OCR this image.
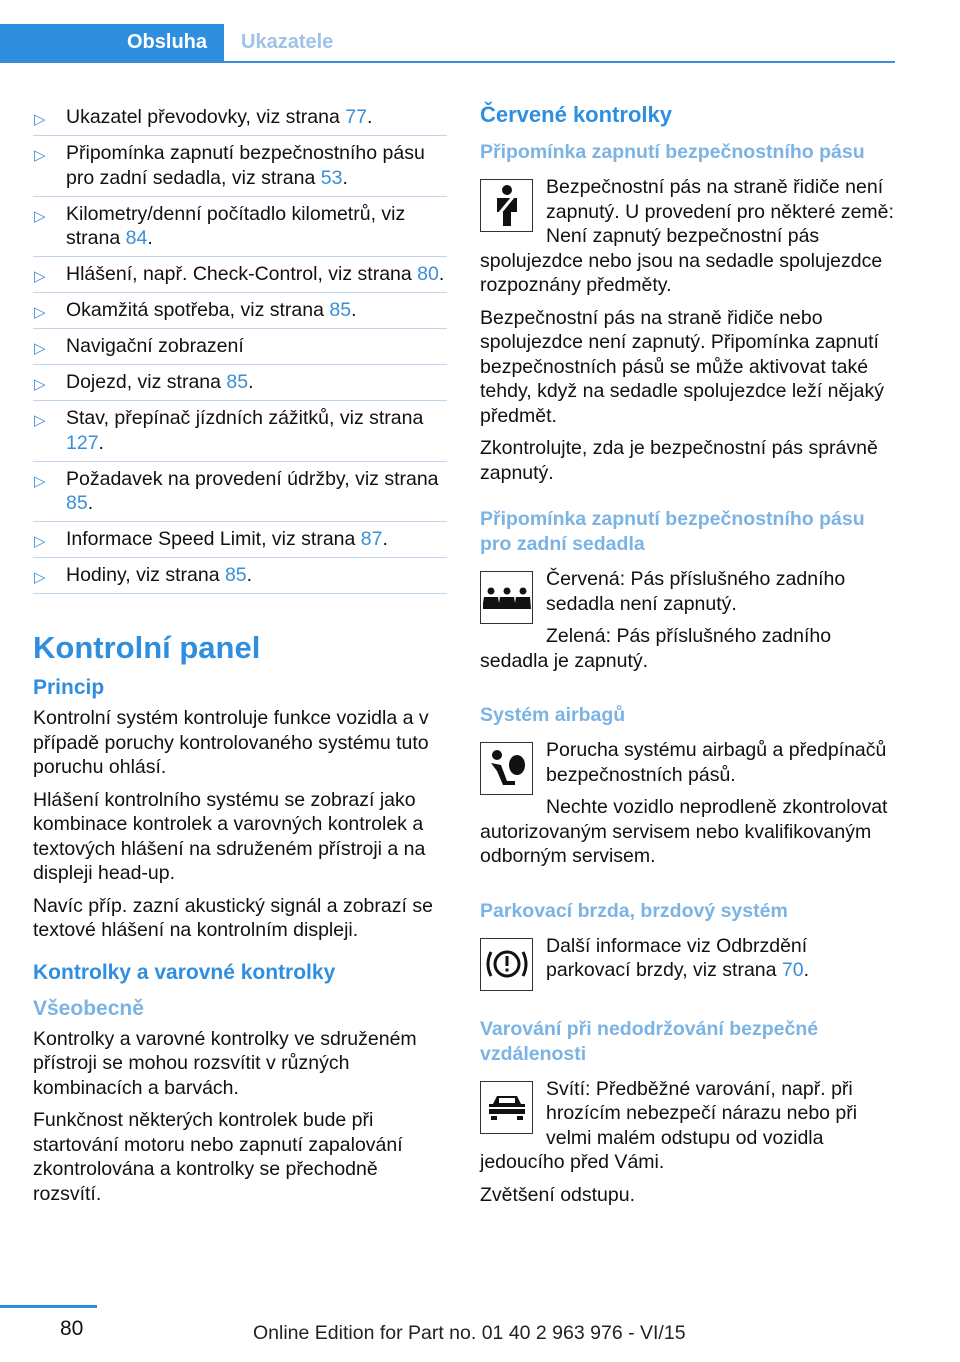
Obsluha	Ukazatele
▷ Ukazatel převodovky, viz strana 77.
▷ Připomínka zapnutí bezpečnostního pásu pro zadní sedadla, viz strana 53.
▷ Kilometry/denní počítadlo kilometrů, viz strana 84.
▷ Hlášení, např. Check-Control, viz strana 80.
▷ Okamžitá spotřeba, viz strana 85.
▷ Navigační zobrazení
▷ Dojezd, viz strana 85.
▷ Stav, přepínač jízdních zážitků, viz strana 127.
▷ Požadavek na provedení údržby, viz strana 85.
▷ Informace Speed Limit, viz strana 87.
▷ Hodiny, viz strana 85.
Kontrolní panel
Princip

Kontrolní systém kontroluje funkce vozidla a v případě poruchy kontrolovaného systému tuto poruchu ohlásí.

Hlášení kontrolního systému se zobrazí jako kombinace kontrolek a varovných kontrolek a textových hlášení na sdruženém přístroji a na displeji head-up.

Navíc příp. zazní akustický signál a zobrazí se textové hlášení na kontrolním displeji.

Kontrolky a varovné kontrolky
Všeobecně

Kontrolky a varovné kontrolky ve sdruženém přístroji se mohou rozsvítit v různých kombinacích a barvách.

Funkčnost některých kontrolek bude při startování motoru nebo zapnutí zapalování zkontrolována a kontrolky se přechodně rozsvítí.

Červené kontrolky
Připomínka zapnutí bezpečnostního pásu

Bezpečnostní pás na straně řidiče není zapnutý. U provedení pro některé země: Není zapnutý bezpečnostní pás spolujezdce nebo jsou na sedadle spolujezdce rozpoznány předměty.

Bezpečnostní pás na straně řidiče nebo spolujezdce není zapnutý. Připomínka zapnutí bezpečnostních pásů se může aktivovat také tehdy, když na sedadle spolujezdce leží nějaký předmět.

Zkontrolujte, zda je bezpečnostní pás správně zapnutý.

Připomínka zapnutí bezpečnostního pásu pro zadní sedadla

Červená: Pás příslušného zadního sedadla není zapnutý.

Zelená: Pás příslušného zadního sedadla je zapnutý.

Systém airbagů

Porucha systému airbagů a předpínačů bezpečnostních pásů.

Nechte vozidlo neprodleně zkontrolovat autorizovaným servisem nebo kvalifikovaným odborným servisem.

Parkovací brzda, brzdový systém

Další informace viz Odbrzdění parkovací brzdy, viz strana 70.

Varování při nedodržování bezpečné vzdálenosti

Svítí: Předběžné varování, např. při hrozícím nebezpečí nárazu nebo při velmi malém odstupu od vozidla jedoucího před Vámi.

Zvětšení odstupu.

80	Online Edition for Part no. 01 40 2 963 976 - VI/15
